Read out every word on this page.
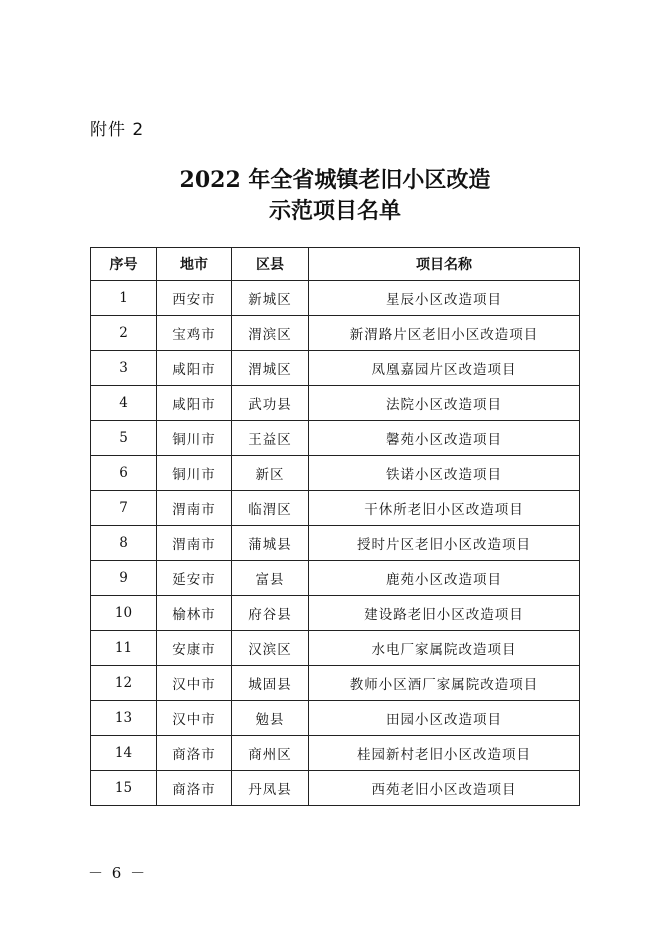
附件 2
2022 年全省城镇老旧小区改造
示范项目名单
序号	地市	区县	项目名称
1	西安市	新城区	星辰小区改造项目
2	宝鸡市	渭滨区	新渭路片区老旧小区改造项目
3	咸阳市	渭城区	凤凰嘉园片区改造项目
4	咸阳市	武功县	法院小区改造项目
5	铜川市	王益区	馨苑小区改造项目
6	铜川市	新区	铁诺小区改造项目
7	渭南市	临渭区	干休所老旧小区改造项目
8	渭南市	蒲城县	授时片区老旧小区改造项目
9	延安市	富县	鹿苑小区改造项目
10	榆林市	府谷县	建设路老旧小区改造项目
11	安康市	汉滨区	水电厂家属院改造项目
12	汉中市	城固县	教师小区酒厂家属院改造项目
13	汉中市	勉县	田园小区改造项目
14	商洛市	商州区	桂园新村老旧小区改造项目
15	商洛市	丹凤县	西苑老旧小区改造项目
－ 6 －
